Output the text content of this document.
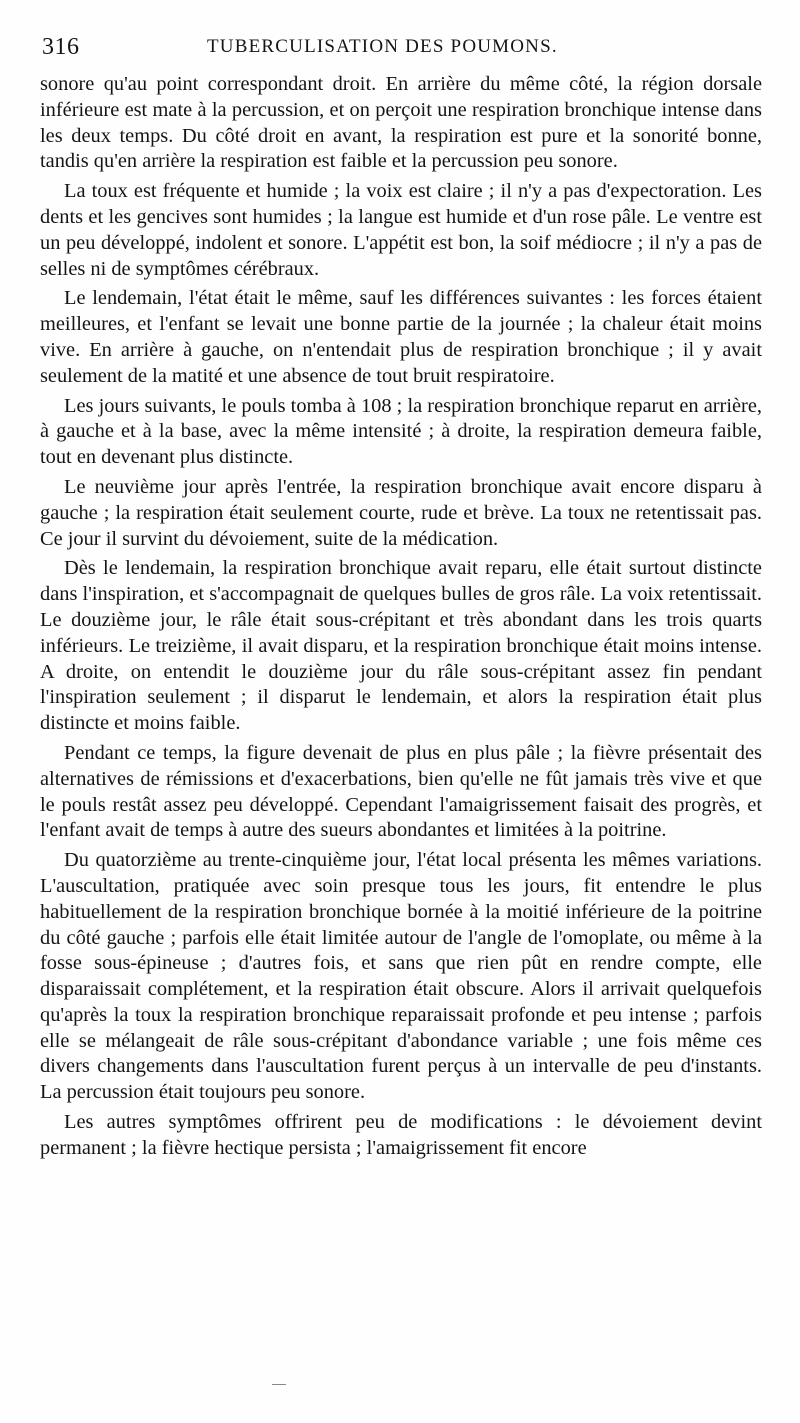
316	TUBERCULISATION DES POUMONS.

sonore qu'au point correspondant droit. En arrière du même côté, la région dorsale inférieure est mate à la percussion, et on perçoit une respiration bronchique intense dans les deux temps. Du côté droit en avant, la respiration est pure et la sonorité bonne, tandis qu'en arrière la respiration est faible et la percussion peu sonore.

La toux est fréquente et humide ; la voix est claire ; il n'y a pas d'expectoration. Les dents et les gencives sont humides ; la langue est humide et d'un rose pâle. Le ventre est un peu développé, indolent et sonore. L'appétit est bon, la soif médiocre ; il n'y a pas de selles ni de symptômes cérébraux.

Le lendemain, l'état était le même, sauf les différences suivantes : les forces étaient meilleures, et l'enfant se levait une bonne partie de la journée ; la chaleur était moins vive. En arrière à gauche, on n'entendait plus de respiration bronchique ; il y avait seulement de la matité et une absence de tout bruit respiratoire.

Les jours suivants, le pouls tomba à 108 ; la respiration bronchique reparut en arrière, à gauche et à la base, avec la même intensité ; à droite, la respiration demeura faible, tout en devenant plus distincte.

Le neuvième jour après l'entrée, la respiration bronchique avait encore disparu à gauche ; la respiration était seulement courte, rude et brève. La toux ne retentissait pas. Ce jour il survint du dévoiement, suite de la médication.

Dès le lendemain, la respiration bronchique avait reparu, elle était surtout distincte dans l'inspiration, et s'accompagnait de quelques bulles de gros râle. La voix retentissait. Le douzième jour, le râle était sous-crépitant et très abondant dans les trois quarts inférieurs. Le treizième, il avait disparu, et la respiration bronchique était moins intense. A droite, on entendit le douzième jour du râle sous-crépitant assez fin pendant l'inspiration seulement ; il disparut le lendemain, et alors la respiration était plus distincte et moins faible.

Pendant ce temps, la figure devenait de plus en plus pâle ; la fièvre présentait des alternatives de rémissions et d'exacerbations, bien qu'elle ne fût jamais très vive et que le pouls restât assez peu développé. Cependant l'amaigrissement faisait des progrès, et l'enfant avait de temps à autre des sueurs abondantes et limitées à la poitrine.

Du quatorzième au trente-cinquième jour, l'état local présenta les mêmes variations. L'auscultation, pratiquée avec soin presque tous les jours, fit entendre le plus habituellement de la respiration bronchique bornée à la moitié inférieure de la poitrine du côté gauche ; parfois elle était limitée autour de l'angle de l'omoplate, ou même à la fosse sous-épineuse ; d'autres fois, et sans que rien pût en rendre compte, elle disparaissait complétement, et la respiration était obscure. Alors il arrivait quelquefois qu'après la toux la respiration bronchique reparaissait profonde et peu intense ; parfois elle se mélangeait de râle sous-crépitant d'abondance variable ; une fois même ces divers changements dans l'auscultation furent perçus à un intervalle de peu d'instants. La percussion était toujours peu sonore.

Les autres symptômes offrirent peu de modifications : le dévoiement devint permanent ; la fièvre hectique persista ; l'amaigrissement fit encore
